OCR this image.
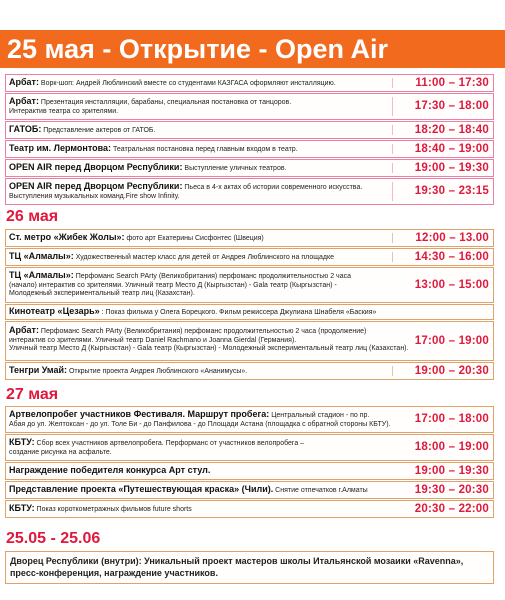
25 мая - Открытие - Open Air
Арбат: Ворк-шоп: Андрей Люблинский вместе со студентами КАЗГАСА оформляют инсталляцию.	11:00 – 17:30
Арбат: Презентация инсталляции, барабаны, специальная постановка от танцоров.
Интерактив театра со зрителями.	17:30 – 18:00
ГАТОБ: Представление актеров от ГАТОБ.	18:20 – 18:40
Театр им. Лермонтова: Театральная постановка перед главным входом в театр.	18:40 – 19:00
OPEN AIR перед Дворцом Республики: Выступление уличных театров.	19:00 – 19:30
OPEN AIR перед Дворцом Республики: Пьеса в 4-х актах об истории современного искусства.
Выступления музыкальных команд.Fire show Infinity.	19:30 – 23:15
26 мая
Ст. метро «Жибек Жолы»: фото арт Екатерины Сисфонтес (Швеция)	12:00 – 13.00
ТЦ «Алмалы»: Художественный мастер класс для детей от Андрея Люблинского на площадке	14:30 – 16:00
ТЦ «Алмалы»: Перфоманс Search PArty (Великобритания) перфоманс продолжительностью 2 часа
(начало) интерактив со зрителями. Уличный театр Место Д (Кыргызстан) - Gala театр (Кыргызстан) -
Молодежный экспериментальный театр лиц (Казахстан).
13:00 – 15:00
Кинотеатр «Цезарь» : Показ фильма у Олега Борецкого. Фильм режиссера Джулиана Шнабеля «Баския»
Арбат: Перфоманс Search PArty (Великобритания) перфоманс продолжительностью 2 часа (продолжение)
интерактив со зрителями. Уличный театр Daniel Rachmano и Joanna Gierdal (Германия).
Уличный театр Место Д (Кыргызстан) - Gala театр (Кыргызстан) - Молодежный экспериментальный театр лиц (Казахстан).
17:00 – 19:00
Тенгри Умай: Открытие проекта Андрея Люблинского «Ананимусы».	19:00 – 20:30
27 мая
Артвелопробег участников Фестиваля. Маршрут пробега: Центральный стадион - по пр.
Абая до ул. Желтоксан - до ул. Толе Би - до Панфилова - до Площади Астана (площадка с обратной стороны КБТУ). 17:00 – 18:00
КБТУ: Сбор всех участников артвелопробега. Перформанс от участников велопробега –
создание рисунка на асфальте.	18:00 – 19:00
Награждение победителя конкурса Арт стул.	19:00 – 19:30
Представление проекта «Путешествующая краска» (Чили). Снятие отпечатков г.Алматы	19:30 – 20:30
КБТУ: Показ короткометражных фильмов future shorts	20:30 – 22:00
25.05 - 25.06
Дворец Республики (внутри): Уникальный проект мастеров школы Итальянской мозаики «Ravenna»,
пресс-конференция, награждение участников.
